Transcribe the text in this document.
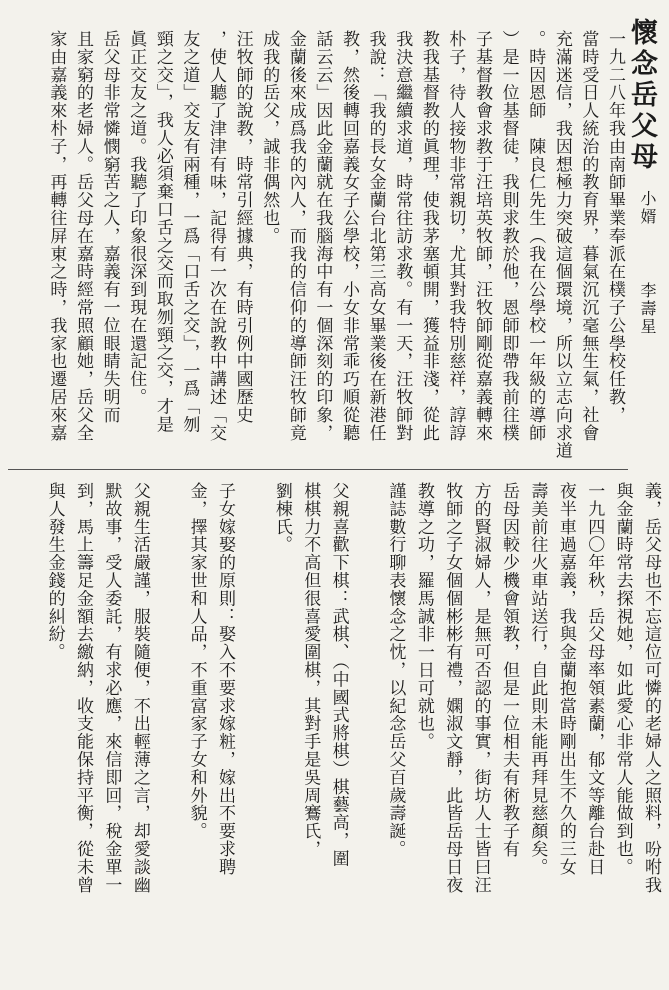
懷念岳父母
小婿  李壽星
一九二八年我由南師畢業奉派在樸子公學校任教，
當時受日人統治的教育界，暮氣沉沉毫無生氣，社會
充滿迷信，我因想極力突破這個環境，所以立志向求道
。時因恩師　陳良仁先生（我在公學校一年級的導師
）是一位基督徒，我則求教於他，恩師即帶我前往樸
子基督教會求教于汪培英牧師，汪牧師剛從嘉義轉來
朴子，待人接物非常親切，尤其對我特別慈祥，諄諄
教我基督教的眞理，使我茅塞頓開，獲益非淺，從此
我決意繼續求道，時常往訪求教。有一天，汪牧師對
我說：「我的長女金蘭台北第三高女畢業後在新港任
教，然後轉回嘉義女子公學校，小女非常乖巧順從聽
話云云」因此金蘭就在我腦海中有一個深刻的印象，
金蘭後來成爲我的內人，而我的信仰的導師汪牧師竟
成我的岳父，誠非偶然也。
汪牧師的說教，時常引經據典，有時引例中國歷史
，使人聽了津津有味，記得有一次在說教中講述「交
友之道」交友有兩種，一爲「口舌之交」，一爲「刎
頸之交」，我人必須棄口舌之交而取刎頸之交，才是
眞正交友之道。我聽了印象很深到現在還記住。
岳父母非常憐憫窮苦之人，嘉義有一位眼睛失明而
且家窮的老婦人。岳父母在嘉時經常照顧她，岳父全
家由嘉義來朴子，再轉往屏東之時，我家也遷居來嘉
義，岳父母也不忘這位可憐的老婦人之照料，吩咐我
與金蘭時常去探視她，如此愛心非常人能做到也。
一九四〇年秋，岳父母率領素蘭，郁文等離台赴日
夜半車過嘉義，我與金蘭抱當時剛出生不久的三女
壽美前往火車站送行，自此則未能再拜見慈顏矣。
岳母因較少機會領教，但是一位相夫有術教子有
方的賢淑婦人，是無可否認的事實，街坊人士皆曰汪
牧師之子女個個彬彬有禮，嫻淑文靜，此皆岳母日夜
教導之功，羅馬誠非一日可就也。
謹誌數行聊表懷念之忱，以紀念岳父百歲壽誕。
父親喜歡下棋：武棋、（中國式將棋）棋藝高，圍
棋棋力不高但很喜愛圍棋，其對手是吳周鶱氏，
劉棟氏。
子女嫁娶的原則：娶入不要求嫁粧，嫁出不要求聘
金，擇其家世和人品，不重富家子女和外貌。
父親生活嚴謹，服裝隨便，不出輕薄之言，却愛談幽
默故事，受人委託，有求必應，來信即回，稅金單一
到，馬上籌足金額去繳納，收支能保持平衡，從未曾
與人發生金錢的糾紛。
